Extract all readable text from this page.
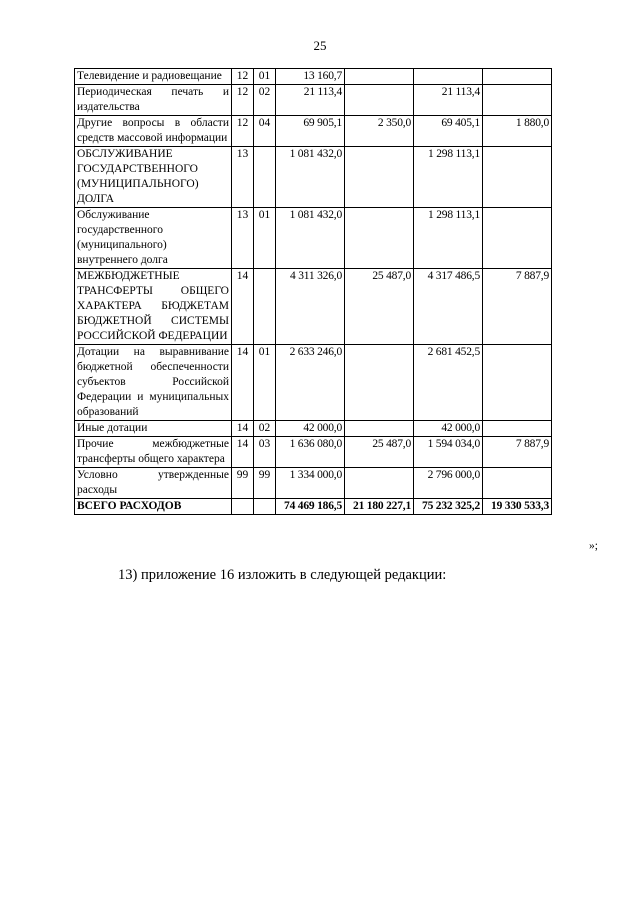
25
Телевидение и радиовещание	12	01	13 160,7			
Периодическая печать и издательства	12	02	21 113,4		21 113,4	
Другие вопросы в области средств массовой информации	12	04	69 905,1	2 350,0	69 405,1	1 880,0
ОБСЛУЖИВАНИЕ ГОСУДАРСТВЕННОГО (МУНИЦИПАЛЬНОГО) ДОЛГА	13		1 081 432,0		1 298 113,1	
Обслуживание государственного (муниципального) внутреннего долга	13	01	1 081 432,0		1 298 113,1	
МЕЖБЮДЖЕТНЫЕ ТРАНСФЕРТЫ ОБЩЕГО ХАРАКТЕРА БЮДЖЕТАМ БЮДЖЕТНОЙ СИСТЕМЫ РОССИЙСКОЙ ФЕДЕРАЦИИ	14		4 311 326,0	25 487,0	4 317 486,5	7 887,9
Дотации на выравнивание бюджетной обеспеченности субъектов Российской Федерации и муниципальных образований	14	01	2 633 246,0		2 681 452,5	
Иные дотации	14	02	42 000,0		42 000,0	
Прочие межбюджетные трансферты общего характера	14	03	1 636 080,0	25 487,0	1 594 034,0	7 887,9
Условно утвержденные расходы	99	99	1 334 000,0		2 796 000,0	
ВСЕГО РАСХОДОВ			74 469 186,5	21 180 227,1	75 232 325,2	19 330 533,3
»;
13) приложение 16 изложить в следующей редакции:
